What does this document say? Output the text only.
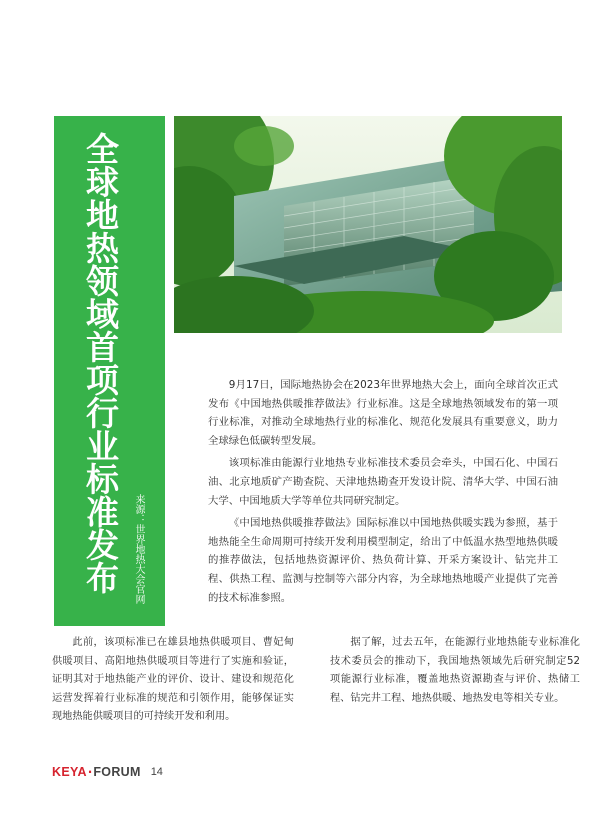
全球地热领域首项行业标准发布	来源：世界地热大会官网

9月17日，国际地热协会在2023年世界地热大会上，面向全球首次正式发布《中国地热供暖推荐做法》行业标准。这是全球地热领域发布的第一项行业标准，对推动全球地热行业的标准化、规范化发展具有重要意义，助力全球绿色低碳转型发展。

该项标准由能源行业地热专业标准技术委员会牵头，中国石化、中国石油、北京地质矿产勘查院、天津地热勘查开发设计院、清华大学、中国石油大学、中国地质大学等单位共同研究制定。

《中国地热供暖推荐做法》国际标准以中国地热供暖实践为参照，基于地热能全生命周期可持续开发利用模型制定，给出了中低温水热型地热供暖的推荐做法，包括地热资源评价、热负荷计算、开采方案设计、钻完井工程、供热工程、监测与控制等六部分内容，为全球地热地暖产业提供了完善的技术标准参照。

此前，该项标准已在雄县地热供暖项目、曹妃甸供暖项目、高阳地热供暖项目等进行了实施和验证，证明其对于地热能产业的评价、设计、建设和规范化运营发挥着行业标准的规范和引领作用，能够保证实现地热能供暖项目的可持续开发和利用。

据了解，过去五年，在能源行业地热能专业标准化技术委员会的推动下，我国地热领域先后研究制定52 项能源行业标准，覆盖地热资源勘查与评价、热储工程、钻完井工程、地热供暖、地热发电等相关专业。

KEYA · FORUM 14
